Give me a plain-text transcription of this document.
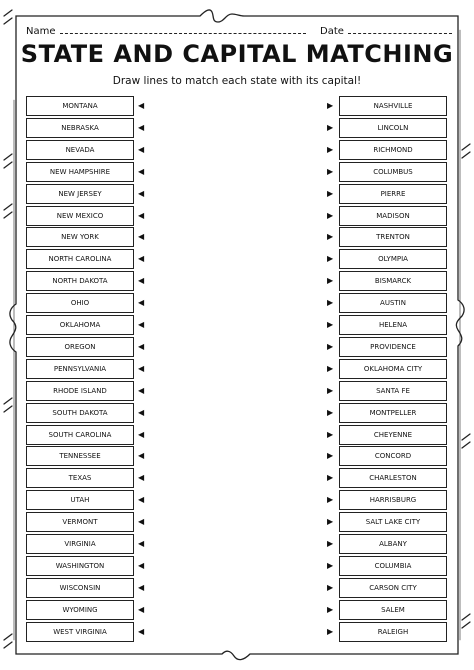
Name	Date
STATE AND CAPITAL MATCHING
Draw lines to match each state with its capital!
MONTANA	◀
NEBRASKA	◀
NEVADA	◀
NEW HAMPSHIRE	◀
NEW JERSEY	◀
NEW MEXICO	◀
NEW YORK	◀
NORTH CAROLINA	◀
NORTH DAKOTA	◀
OHIO	◀
OKLAHOMA	◀
OREGON	◀
PENNSYLVANIA	◀
RHODE ISLAND	◀
SOUTH DAKOTA	◀
SOUTH CAROLINA	◀
TENNESSEE	◀
TEXAS	◀
UTAH	◀
VERMONT	◀
VIRGINIA	◀
WASHINGTON	◀
WISCONSIN	◀
WYOMING	◀
WEST VIRGINIA	◀
NASHVILLE
▶
LINCOLN
▶
RICHMOND
▶
COLUMBUS
▶
PIERRE
▶
MADISON
▶
TRENTON
▶
OLYMPIA
▶
BISMARCK
▶
AUSTIN
▶
HELENA
▶
PROVIDENCE
▶
OKLAHOMA CITY
▶
SANTA FE
▶
MONTPELLER
▶
CHEYENNE
▶
CONCORD
▶
CHARLESTON
▶
HARRISBURG
▶
SALT LAKE CITY
▶
ALBANY
▶
COLUMBIA
▶
CARSON CITY
▶
SALEM
▶
RALEIGH
▶
